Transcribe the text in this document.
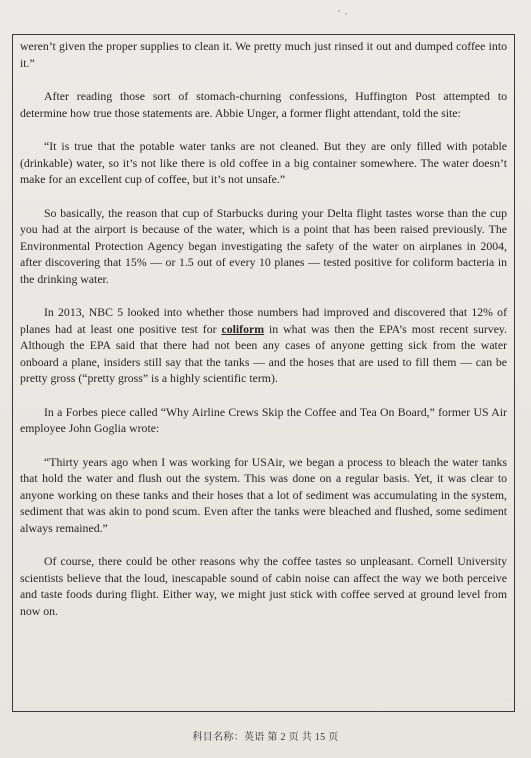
weren’t given the proper supplies to clean it. We pretty much just rinsed it out and dumped coffee into it.”

After reading those sort of stomach-churning confessions, Huffington Post attempted to determine how true those statements are. Abbie Unger, a former flight attendant, told the site:

“It is true that the potable water tanks are not cleaned. But they are only filled with potable (drinkable) water, so it’s not like there is old coffee in a big container somewhere. The water doesn’t make for an excellent cup of coffee, but it’s not unsafe.”

So basically, the reason that cup of Starbucks during your Delta flight tastes worse than the cup you had at the airport is because of the water, which is a point that has been raised previously. The Environmental Protection Agency began investigating the safety of the water on airplanes in 2004, after discovering that 15% — or 1.5 out of every 10 planes — tested positive for coliform bacteria in the drinking water.

In 2013, NBC 5 looked into whether those numbers had improved and discovered that 12% of planes had at least one positive test for coliform in what was then the EPA’s most recent survey. Although the EPA said that there had not been any cases of anyone getting sick from the water onboard a plane, insiders still say that the tanks — and the hoses that are used to fill them — can be pretty gross (“pretty gross” is a highly scientific term).

In a Forbes piece called “Why Airline Crews Skip the Coffee and Tea On Board,” former US Air employee John Goglia wrote:

“Thirty years ago when I was working for USAir, we began a process to bleach the water tanks that hold the water and flush out the system. This was done on a regular basis. Yet, it was clear to anyone working on these tanks and their hoses that a lot of sediment was accumulating in the system, sediment that was akin to pond scum. Even after the tanks were bleached and flushed, some sediment always remained.”

Of course, there could be other reasons why the coffee tastes so unpleasant. Cornell University scientists believe that the loud, inescapable sound of cabin noise can affect the way we both perceive and taste foods during flight. Either way, we might just stick with coffee served at ground level from now on.

科目名称：英语 第 2 页 共 15 页
